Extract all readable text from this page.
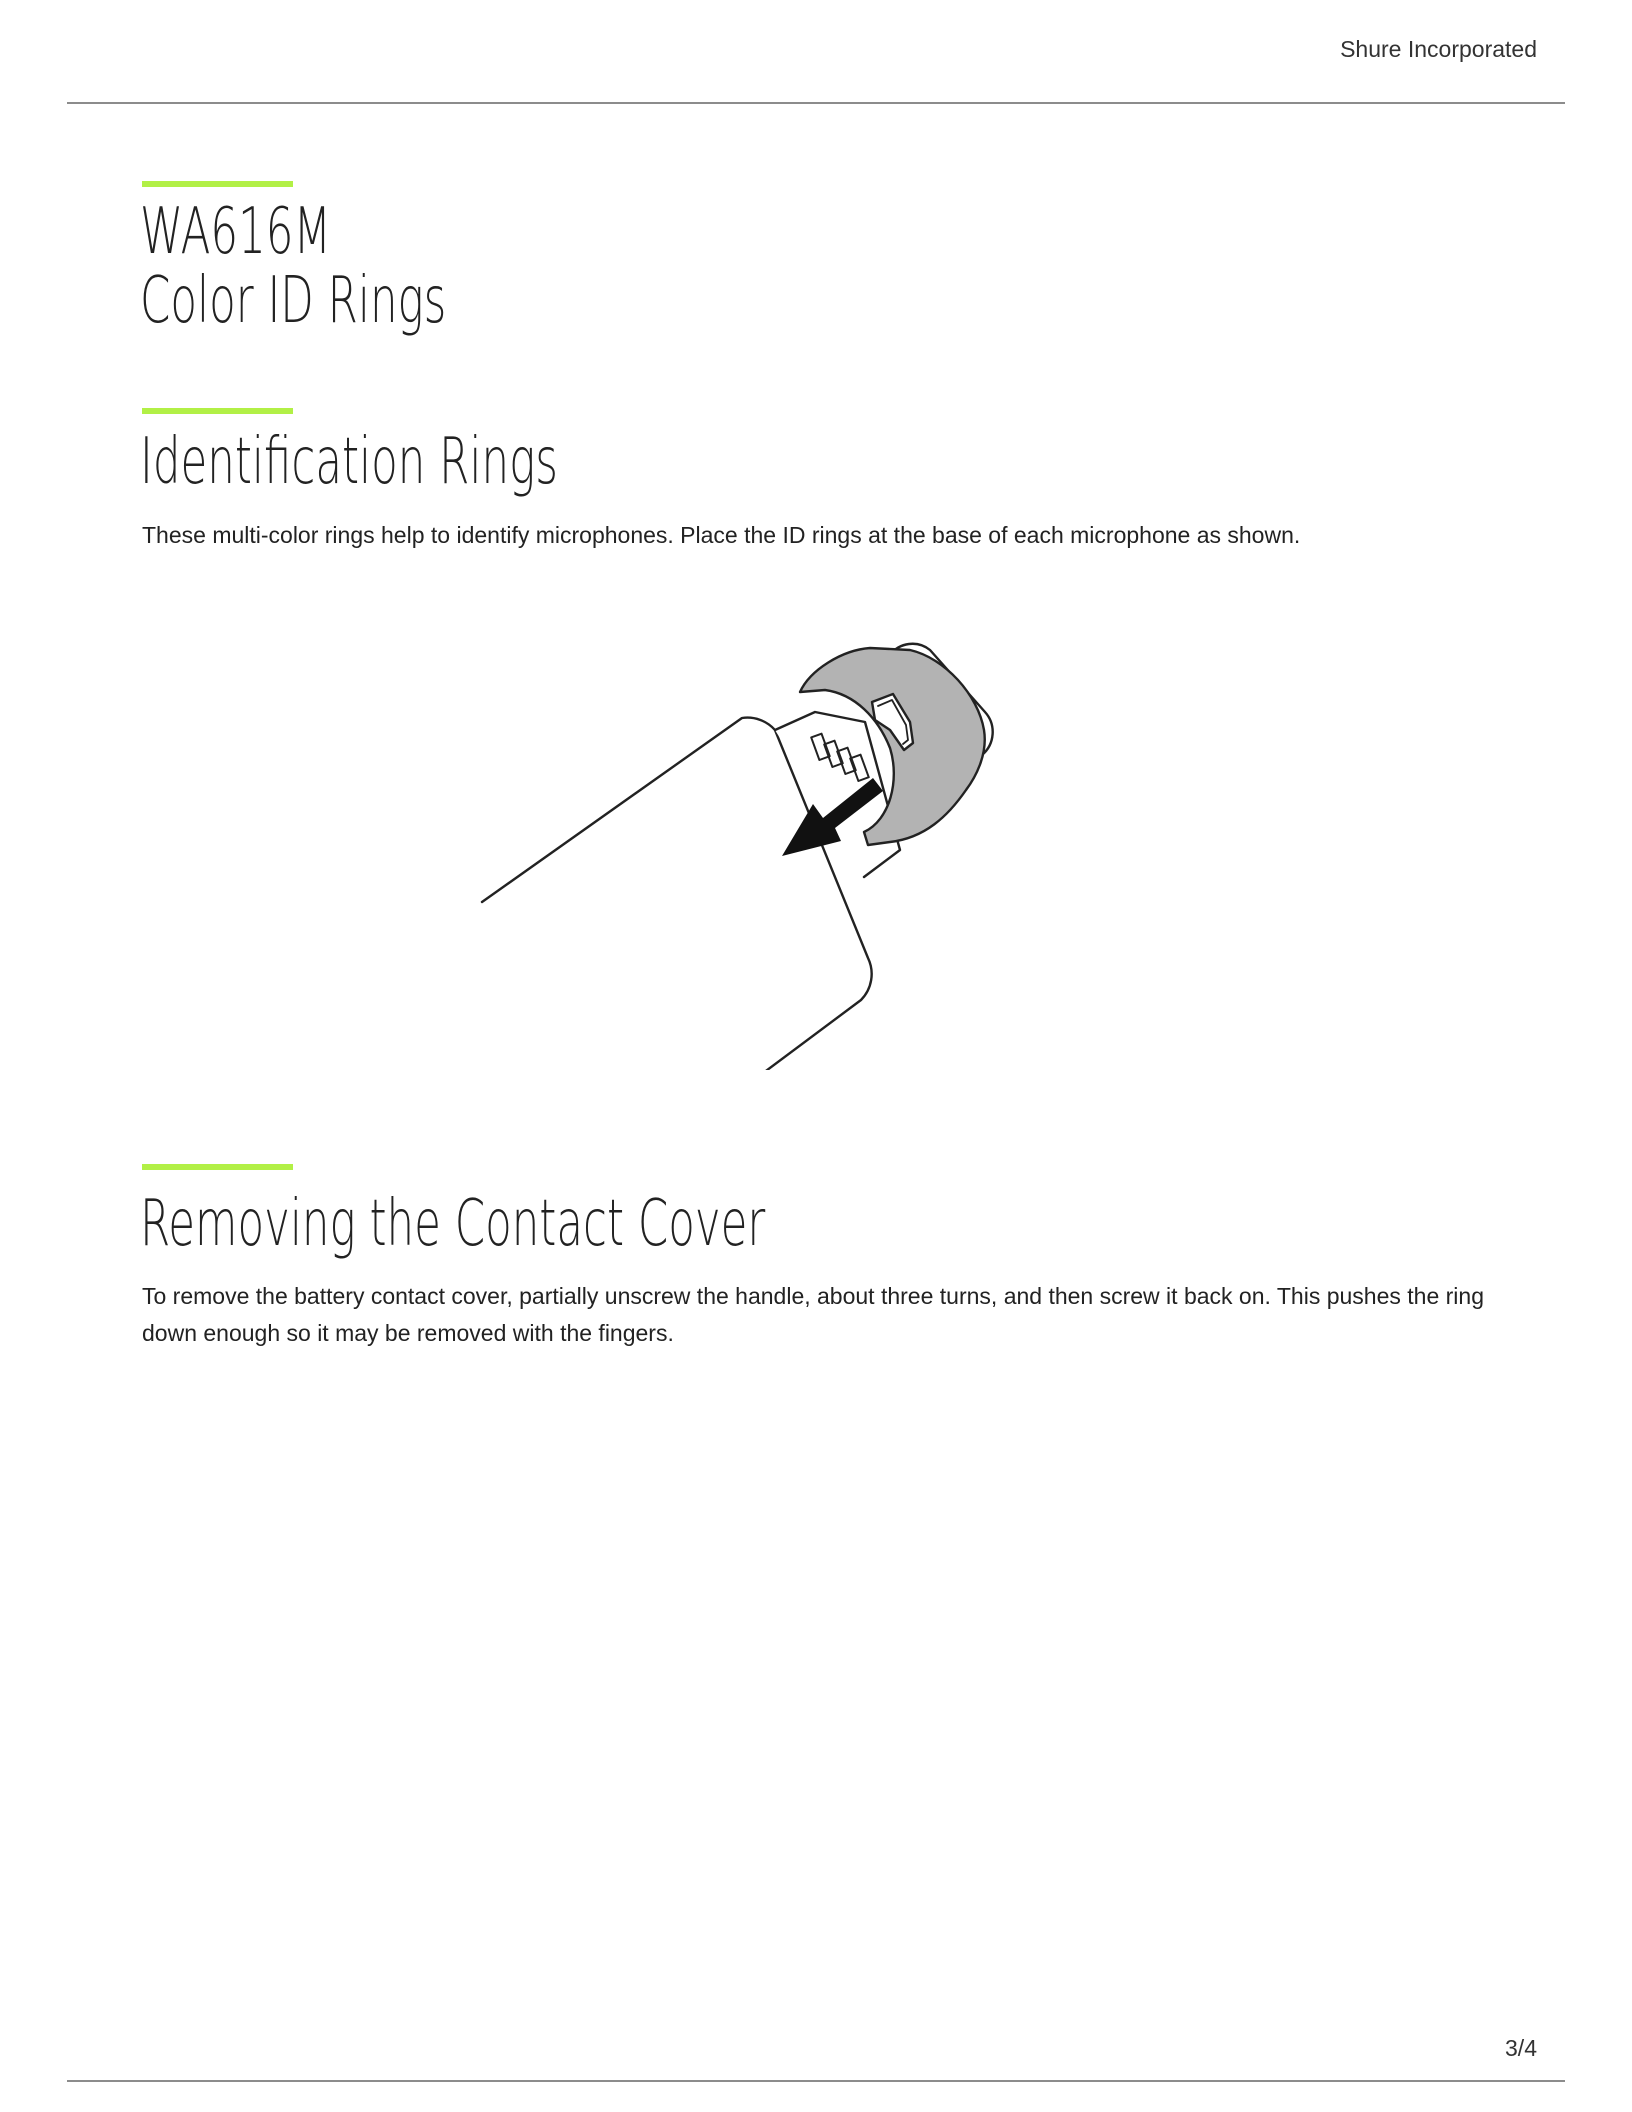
Shure Incorporated
WA616M
Color ID Rings
Identification Rings

These multi-color rings help to identify microphones. Place the ID rings at the base of each microphone as shown.

Removing the Contact Cover

To remove the battery contact cover, partially unscrew the handle, about three turns, and then screw it back on. This pushes the ring down enough so it may be removed with the fingers.

3/4
